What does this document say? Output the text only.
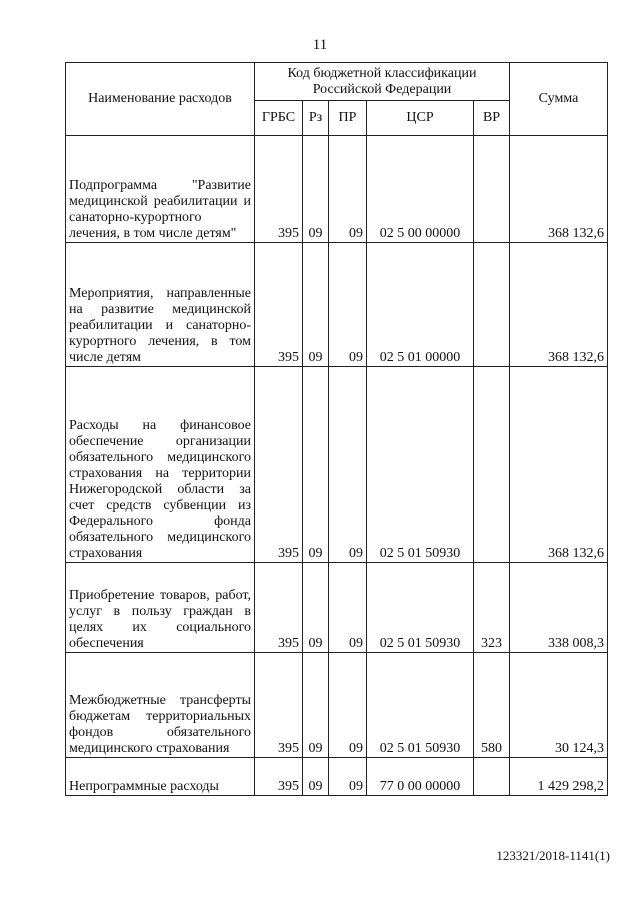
11
Наименование расходов	Код бюджетной классификации Российской Федерации					Сумма
	ГРБС	Рз	ПР	ЦСР	ВР	
Подпрограмма "Развитие медицинской реабилитации и санаторно-курортного лечения, в том числе детям"	395	09	09	02 5 00 00000		368 132,6
Мероприятия, направленные на развитие медицинской реабилитации и санаторно-курортного лечения, в том числе детям	395	09	09	02 5 01 00000		368 132,6
Расходы на финансовое обеспечение организации обязательного медицинского страхования на территории Нижегородской области за счет средств субвенции из Федерального фонда обязательного медицинского страхования	395	09	09	02 5 01 50930		368 132,6
Приобретение товаров, работ, услуг в пользу граждан в целях их социального обеспечения	395	09	09	02 5 01 50930	323	338 008,3
Межбюджетные трансферты бюджетам территориальных фондов обязательного медицинского страхования	395	09	09	02 5 01 50930	580	30 124,3
Непрограммные расходы	395	09	09	77 0 00 00000		1 429 298,2
123321/2018-1141(1)
